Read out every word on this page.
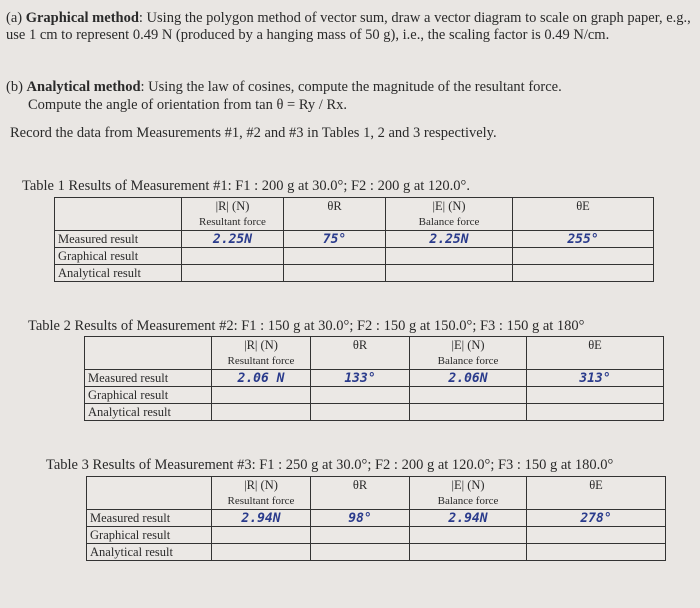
(a) Graphical method: Using the polygon method of vector sum, draw a vector diagram to scale on graph paper, e.g., use 1 cm to represent 0.49 N (produced by a hanging mass of 50 g), i.e., the scaling factor is 0.49 N/cm.
(b) Analytical method: Using the law of cosines, compute the magnitude of the resultant force.
Compute the angle of orientation from tan θ = Ry / Rx.
Record the data from Measurements #1, #2 and #3 in Tables 1, 2 and 3 respectively.
Table 1 Results of Measurement #1: F1 : 200 g at 30.0°; F2 : 200 g at 120.0°.
	|R| (N)	θR	|E| (N)	θE
	Resultant force		Balance force	
Measured result	2.25N	75°	2.25N	255°
Graphical result				
Analytical result				
Table 2 Results of Measurement #2: F1 : 150 g at 30.0°; F2 : 150 g at 150.0°; F3 : 150 g at 180°
	|R| (N)	θR	|E| (N)	θE
	Resultant force		Balance force	
Measured result	2.06 N	133°	2.06N	313°
Graphical result				
Analytical result				
Table 3 Results of Measurement #3: F1 : 250 g at 30.0°; F2 : 200 g at 120.0°; F3 : 150 g at 180.0°
	|R| (N)	θR	|E| (N)	θE
	Resultant force		Balance force	
Measured result	2.94N	98°	2.94N	278°
Graphical result				
Analytical result				
